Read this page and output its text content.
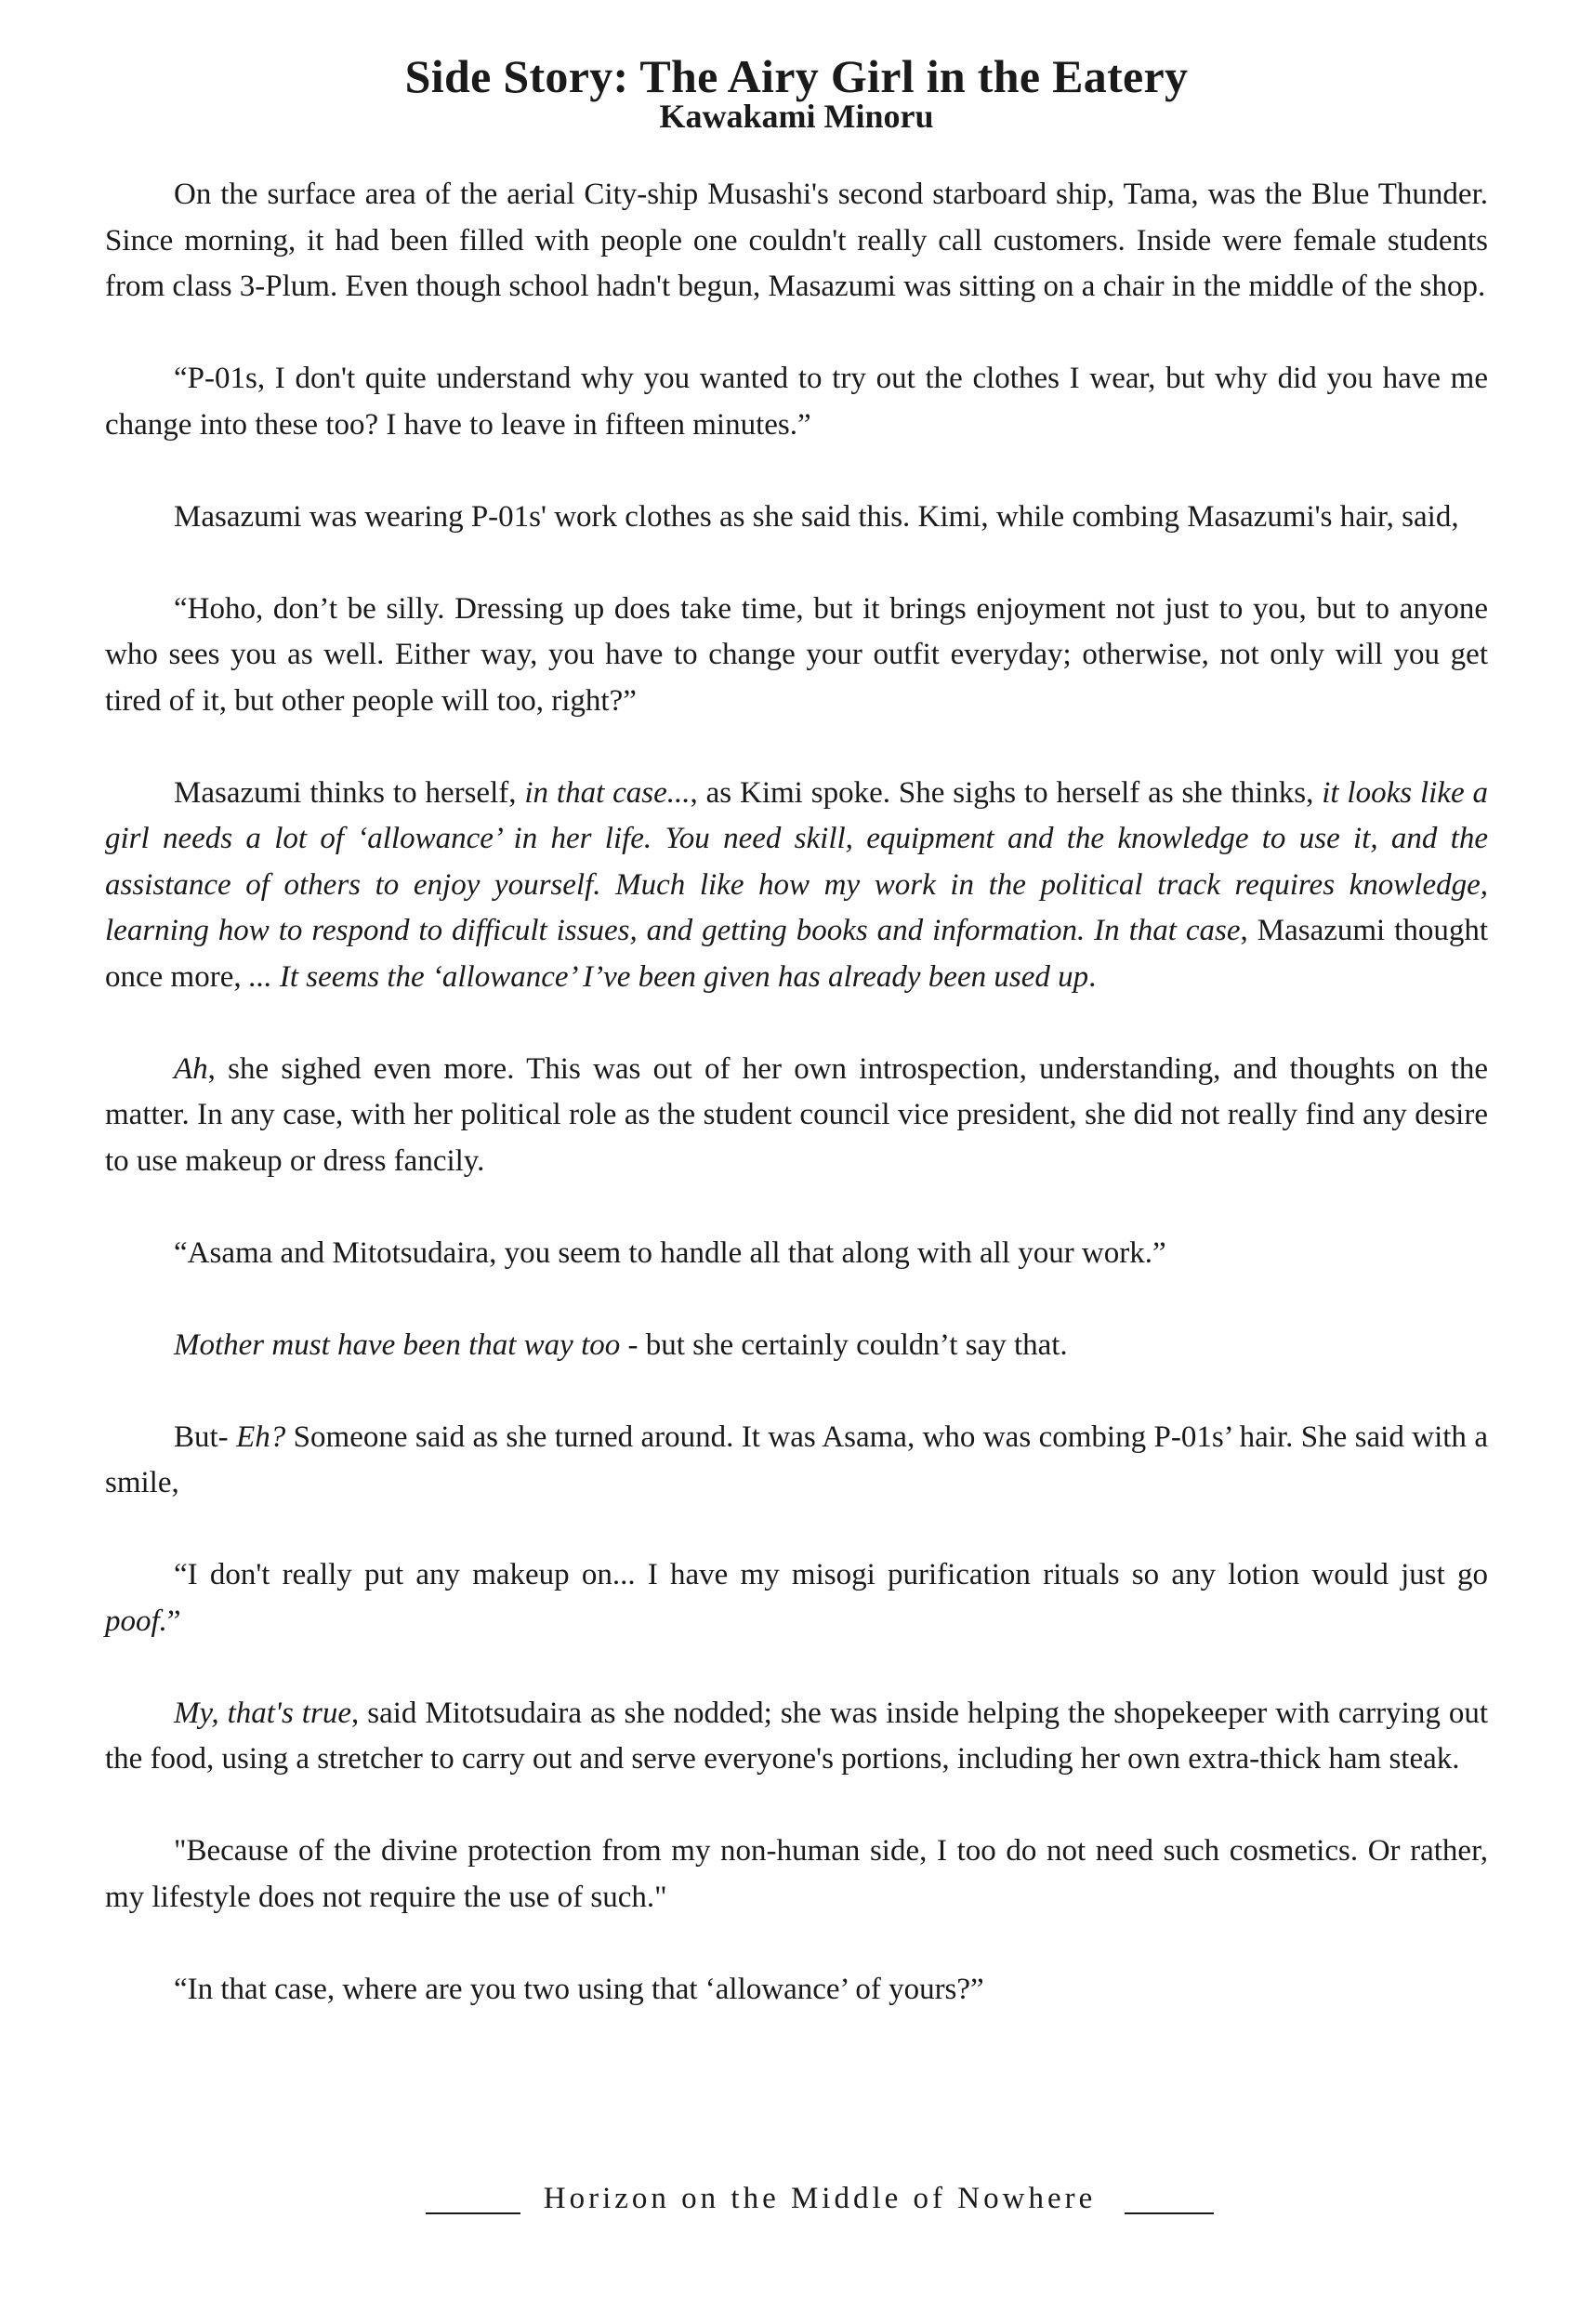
Side Story: The Airy Girl in the Eatery
Kawakami Minoru

On the surface area of the aerial City-ship Musashi's second starboard ship, Tama, was the Blue Thunder. Since morning, it had been filled with people one couldn't really call customers. Inside were female students from class 3-Plum. Even though school hadn't begun, Masazumi was sitting on a chair in the middle of the shop.

“P-01s, I don't quite understand why you wanted to try out the clothes I wear, but why did you have me change into these too? I have to leave in fifteen minutes.”

Masazumi was wearing P-01s' work clothes as she said this. Kimi, while combing Masazumi's hair, said,

“Hoho, don’t be silly. Dressing up does take time, but it brings enjoyment not just to you, but to anyone who sees you as well. Either way, you have to change your outfit everyday; otherwise, not only will you get tired of it, but other people will too, right?”

Masazumi thinks to herself, in that case..., as Kimi spoke. She sighs to herself as she thinks, it looks like a girl needs a lot of ‘allowance’ in her life. You need skill, equipment and the knowledge to use it, and the assistance of others to enjoy yourself. Much like how my work in the political track requires knowledge, learning how to respond to difficult issues, and getting books and information. In that case, Masazumi thought once more, ... It seems the ‘allowance’ I’ve been given has already been used up.

Ah, she sighed even more. This was out of her own introspection, understanding, and thoughts on the matter. In any case, with her political role as the student council vice president, she did not really find any desire to use makeup or dress fancily.

“Asama and Mitotsudaira, you seem to handle all that along with all your work.”

Mother must have been that way too - but she certainly couldn’t say that.

But- Eh? Someone said as she turned around. It was Asama, who was combing P-01s’ hair. She said with a smile,

“I don't really put any makeup on... I have my misogi purification rituals so any lotion would just go poof.”

My, that's true, said Mitotsudaira as she nodded; she was inside helping the shopekeeper with carrying out the food, using a stretcher to carry out and serve everyone's portions, including her own extra-thick ham steak.

"Because of the divine protection from my non-human side, I too do not need such cosmetics. Or rather, my lifestyle does not require the use of such."

“In that case, where are you two using that ‘allowance’ of yours?”

Horizon on the Middle of Nowhere
